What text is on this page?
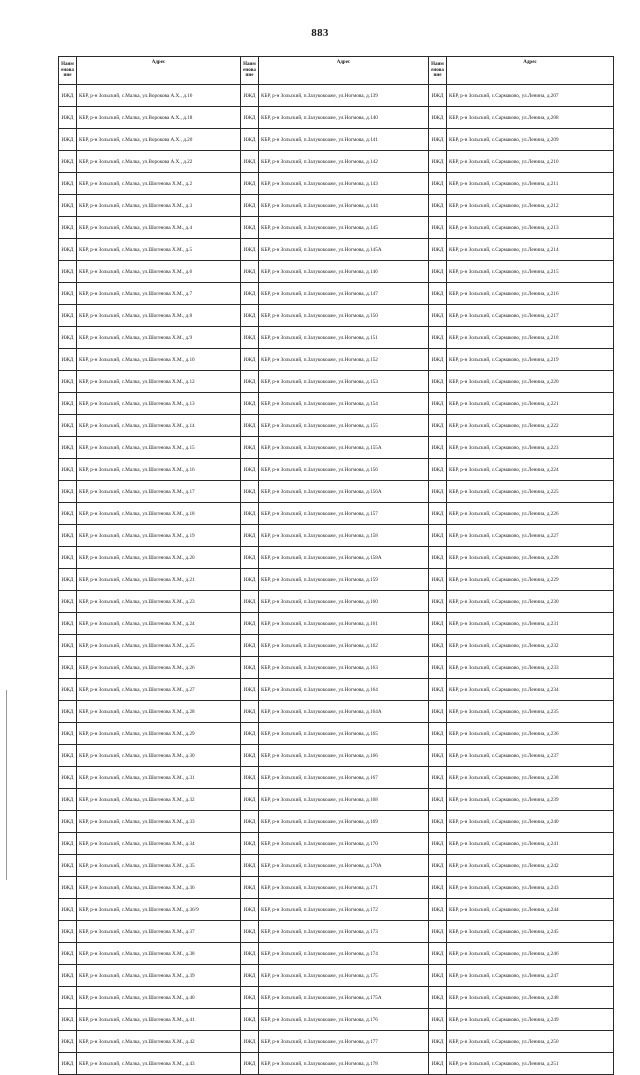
883
Наим енова ние	Адрес	Наим енова ние	Адрес	Наим енова ние	Адрес
ИЖД	КБР, р-н Зольский, с.Малка, ул.Ворокова А.Х., д.16	ИЖД	КБР, р-н Зольский, п.Залукокоаже, ул.Ногмова, д.139	ИЖД	КБР, р-н Зольский, с.Сармаково, ул.Ленина, д.207
ИЖД	КБР, р-н Зольский, с.Малка, ул.Ворокова А.Х., д.18	ИЖД	КБР, р-н Зольский, п.Залукокоаже, ул.Ногмова, д.140	ИЖД	КБР, р-н Зольский, с.Сармаково, ул.Ленина, д.208
ИЖД	КБР, р-н Зольский, с.Малка, ул.Ворокова А.Х., д.20	ИЖД	КБР, р-н Зольский, п.Залукокоаже, ул.Ногмова, д.141	ИЖД	КБР, р-н Зольский, с.Сармаково, ул.Ленина, д.209
ИЖД	КБР, р-н Зольский, с.Малка, ул.Ворокова А.Х., д.22	ИЖД	КБР, р-н Зольский, п.Залукокоаже, ул.Ногмова, д.142	ИЖД	КБР, р-н Зольский, с.Сармаково, ул.Ленина, д.210
ИЖД	КБР, р-н Зольский, с.Малка, ул.Шогенова Х.М., д.2	ИЖД	КБР, р-н Зольский, п.Залукокоаже, ул.Ногмова, д.143	ИЖД	КБР, р-н Зольский, с.Сармаково, ул.Ленина, д.211
ИЖД	КБР, р-н Зольский, с.Малка, ул.Шогенова Х.М., д.3	ИЖД	КБР, р-н Зольский, п.Залукокоаже, ул.Ногмова, д.144	ИЖД	КБР, р-н Зольский, с.Сармаково, ул.Ленина, д.212
ИЖД	КБР, р-н Зольский, с.Малка, ул.Шогенова Х.М., д.4	ИЖД	КБР, р-н Зольский, п.Залукокоаже, ул.Ногмова, д.145	ИЖД	КБР, р-н Зольский, с.Сармаково, ул.Ленина, д.213
ИЖД	КБР, р-н Зольский, с.Малка, ул.Шогенова Х.М., д.5	ИЖД	КБР, р-н Зольский, п.Залукокоаже, ул.Ногмова, д.145А	ИЖД	КБР, р-н Зольский, с.Сармаково, ул.Ленина, д.214
ИЖД	КБР, р-н Зольский, с.Малка, ул.Шогенова Х.М., д.6	ИЖД	КБР, р-н Зольский, п.Залукокоаже, ул.Ногмова, д.146	ИЖД	КБР, р-н Зольский, с.Сармаково, ул.Ленина, д.215
ИЖД	КБР, р-н Зольский, с.Малка, ул.Шогенова Х.М., д.7	ИЖД	КБР, р-н Зольский, п.Залукокоаже, ул.Ногмова, д.147	ИЖД	КБР, р-н Зольский, с.Сармаково, ул.Ленина, д.216
ИЖД	КБР, р-н Зольский, с.Малка, ул.Шогенова Х.М., д.8	ИЖД	КБР, р-н Зольский, п.Залукокоаже, ул.Ногмова, д.150	ИЖД	КБР, р-н Зольский, с.Сармаково, ул.Ленина, д.217
ИЖД	КБР, р-н Зольский, с.Малка, ул.Шогенова Х.М., д.9	ИЖД	КБР, р-н Зольский, п.Залукокоаже, ул.Ногмова, д.151	ИЖД	КБР, р-н Зольский, с.Сармаково, ул.Ленина, д.218
ИЖД	КБР, р-н Зольский, с.Малка, ул.Шогенова Х.М., д.10	ИЖД	КБР, р-н Зольский, п.Залукокоаже, ул.Ногмова, д.152	ИЖД	КБР, р-н Зольский, с.Сармаково, ул.Ленина, д.219
ИЖД	КБР, р-н Зольский, с.Малка, ул.Шогенова Х.М., д.12	ИЖД	КБР, р-н Зольский, п.Залукокоаже, ул.Ногмова, д.153	ИЖД	КБР, р-н Зольский, с.Сармаково, ул.Ленина, д.220
ИЖД	КБР, р-н Зольский, с.Малка, ул.Шогенова Х.М., д.13	ИЖД	КБР, р-н Зольский, п.Залукокоаже, ул.Ногмова, д.154	ИЖД	КБР, р-н Зольский, с.Сармаково, ул.Ленина, д.221
ИЖД	КБР, р-н Зольский, с.Малка, ул.Шогенова Х.М., д.14	ИЖД	КБР, р-н Зольский, п.Залукокоаже, ул.Ногмова, д.155	ИЖД	КБР, р-н Зольский, с.Сармаково, ул.Ленина, д.222
ИЖД	КБР, р-н Зольский, с.Малка, ул.Шогенова Х.М., д.15	ИЖД	КБР, р-н Зольский, п.Залукокоаже, ул.Ногмова, д.155А	ИЖД	КБР, р-н Зольский, с.Сармаково, ул.Ленина, д.223
ИЖД	КБР, р-н Зольский, с.Малка, ул.Шогенова Х.М., д.16	ИЖД	КБР, р-н Зольский, п.Залукокоаже, ул.Ногмова, д.156	ИЖД	КБР, р-н Зольский, с.Сармаково, ул.Ленина, д.224
ИЖД	КБР, р-н Зольский, с.Малка, ул.Шогенова Х.М., д.17	ИЖД	КБР, р-н Зольский, п.Залукокоаже, ул.Ногмова, д.156А	ИЖД	КБР, р-н Зольский, с.Сармаково, ул.Ленина, д.225
ИЖД	КБР, р-н Зольский, с.Малка, ул.Шогенова Х.М., д.18	ИЖД	КБР, р-н Зольский, п.Залукокоаже, ул.Ногмова, д.157	ИЖД	КБР, р-н Зольский, с.Сармаково, ул.Ленина, д.226
ИЖД	КБР, р-н Зольский, с.Малка, ул.Шогенова Х.М., д.19	ИЖД	КБР, р-н Зольский, п.Залукокоаже, ул.Ногмова, д.158	ИЖД	КБР, р-н Зольский, с.Сармаково, ул.Ленина, д.227
ИЖД	КБР, р-н Зольский, с.Малка, ул.Шогенова Х.М., д.20	ИЖД	КБР, р-н Зольский, п.Залукокоаже, ул.Ногмова, д.158А	ИЖД	КБР, р-н Зольский, с.Сармаково, ул.Ленина, д.228
ИЖД	КБР, р-н Зольский, с.Малка, ул.Шогенова Х.М., д.21	ИЖД	КБР, р-н Зольский, п.Залукокоаже, ул.Ногмова, д.159	ИЖД	КБР, р-н Зольский, с.Сармаково, ул.Ленина, д.229
ИЖД	КБР, р-н Зольский, с.Малка, ул.Шогенова Х.М., д.23	ИЖД	КБР, р-н Зольский, п.Залукокоаже, ул.Ногмова, д.160	ИЖД	КБР, р-н Зольский, с.Сармаково, ул.Ленина, д.230
ИЖД	КБР, р-н Зольский, с.Малка, ул.Шогенова Х.М., д.24	ИЖД	КБР, р-н Зольский, п.Залукокоаже, ул.Ногмова, д.161	ИЖД	КБР, р-н Зольский, с.Сармаково, ул.Ленина, д.231
ИЖД	КБР, р-н Зольский, с.Малка, ул.Шогенова Х.М., д.25	ИЖД	КБР, р-н Зольский, п.Залукокоаже, ул.Ногмова, д.162	ИЖД	КБР, р-н Зольский, с.Сармаково, ул.Ленина, д.232
ИЖД	КБР, р-н Зольский, с.Малка, ул.Шогенова Х.М., д.26	ИЖД	КБР, р-н Зольский, п.Залукокоаже, ул.Ногмова, д.163	ИЖД	КБР, р-н Зольский, с.Сармаково, ул.Ленина, д.233
ИЖД	КБР, р-н Зольский, с.Малка, ул.Шогенова Х.М., д.27	ИЖД	КБР, р-н Зольский, п.Залукокоаже, ул.Ногмова, д.164	ИЖД	КБР, р-н Зольский, с.Сармаково, ул.Ленина, д.234
ИЖД	КБР, р-н Зольский, с.Малка, ул.Шогенова Х.М., д.28	ИЖД	КБР, р-н Зольский, п.Залукокоаже, ул.Ногмова, д.164А	ИЖД	КБР, р-н Зольский, с.Сармаково, ул.Ленина, д.235
ИЖД	КБР, р-н Зольский, с.Малка, ул.Шогенова Х.М., д.29	ИЖД	КБР, р-н Зольский, п.Залукокоаже, ул.Ногмова, д.165	ИЖД	КБР, р-н Зольский, с.Сармаково, ул.Ленина, д.236
ИЖД	КБР, р-н Зольский, с.Малка, ул.Шогенова Х.М., д.30	ИЖД	КБР, р-н Зольский, п.Залукокоаже, ул.Ногмова, д.166	ИЖД	КБР, р-н Зольский, с.Сармаково, ул.Ленина, д.237
ИЖД	КБР, р-н Зольский, с.Малка, ул.Шогенова Х.М., д.31	ИЖД	КБР, р-н Зольский, п.Залукокоаже, ул.Ногмова, д.167	ИЖД	КБР, р-н Зольский, с.Сармаково, ул.Ленина, д.238
ИЖД	КБР, р-н Зольский, с.Малка, ул.Шогенова Х.М., д.32	ИЖД	КБР, р-н Зольский, п.Залукокоаже, ул.Ногмова, д.168	ИЖД	КБР, р-н Зольский, с.Сармаково, ул.Ленина, д.239
ИЖД	КБР, р-н Зольский, с.Малка, ул.Шогенова Х.М., д.33	ИЖД	КБР, р-н Зольский, п.Залукокоаже, ул.Ногмова, д.169	ИЖД	КБР, р-н Зольский, с.Сармаково, ул.Ленина, д.240
ИЖД	КБР, р-н Зольский, с.Малка, ул.Шогенова Х.М., д.34	ИЖД	КБР, р-н Зольский, п.Залукокоаже, ул.Ногмова, д.170	ИЖД	КБР, р-н Зольский, с.Сармаково, ул.Ленина, д.241
ИЖД	КБР, р-н Зольский, с.Малка, ул.Шогенова Х.М., д.35	ИЖД	КБР, р-н Зольский, п.Залукокоаже, ул.Ногмова, д.170А	ИЖД	КБР, р-н Зольский, с.Сармаково, ул.Ленина, д.242
ИЖД	КБР, р-н Зольский, с.Малка, ул.Шогенова Х.М., д.36	ИЖД	КБР, р-н Зольский, п.Залукокоаже, ул.Ногмова, д.171	ИЖД	КБР, р-н Зольский, с.Сармаково, ул.Ленина, д.243
ИЖД	КБР, р-н Зольский, с.Малка, ул.Шогенова Х.М., д.36/9	ИЖД	КБР, р-н Зольский, п.Залукокоаже, ул.Ногмова, д.172	ИЖД	КБР, р-н Зольский, с.Сармаково, ул.Ленина, д.244
ИЖД	КБР, р-н Зольский, с.Малка, ул.Шогенова Х.М., д.37	ИЖД	КБР, р-н Зольский, п.Залукокоаже, ул.Ногмова, д.173	ИЖД	КБР, р-н Зольский, с.Сармаково, ул.Ленина, д.245
ИЖД	КБР, р-н Зольский, с.Малка, ул.Шогенова Х.М., д.38	ИЖД	КБР, р-н Зольский, п.Залукокоаже, ул.Ногмова, д.174	ИЖД	КБР, р-н Зольский, с.Сармаково, ул.Ленина, д.246
ИЖД	КБР, р-н Зольский, с.Малка, ул.Шогенова Х.М., д.39	ИЖД	КБР, р-н Зольский, п.Залукокоаже, ул.Ногмова, д.175	ИЖД	КБР, р-н Зольский, с.Сармаково, ул.Ленина, д.247
ИЖД	КБР, р-н Зольский, с.Малка, ул.Шогенова Х.М., д.40	ИЖД	КБР, р-н Зольский, п.Залукокоаже, ул.Ногмова, д.175А	ИЖД	КБР, р-н Зольский, с.Сармаково, ул.Ленина, д.248
ИЖД	КБР, р-н Зольский, с.Малка, ул.Шогенова Х.М., д.41	ИЖД	КБР, р-н Зольский, п.Залукокоаже, ул.Ногмова, д.176	ИЖД	КБР, р-н Зольский, с.Сармаково, ул.Ленина, д.249
ИЖД	КБР, р-н Зольский, с.Малка, ул.Шогенова Х.М., д.42	ИЖД	КБР, р-н Зольский, п.Залукокоаже, ул.Ногмова, д.177	ИЖД	КБР, р-н Зольский, с.Сармаково, ул.Ленина, д.250
ИЖД	КБР, р-н Зольский, с.Малка, ул.Шогенова Х.М., д.43	ИЖД	КБР, р-н Зольский, п.Залукокоаже, ул.Ногмова, д.178	ИЖД	КБР, р-н Зольский, с.Сармаково, ул.Ленина, д.251
